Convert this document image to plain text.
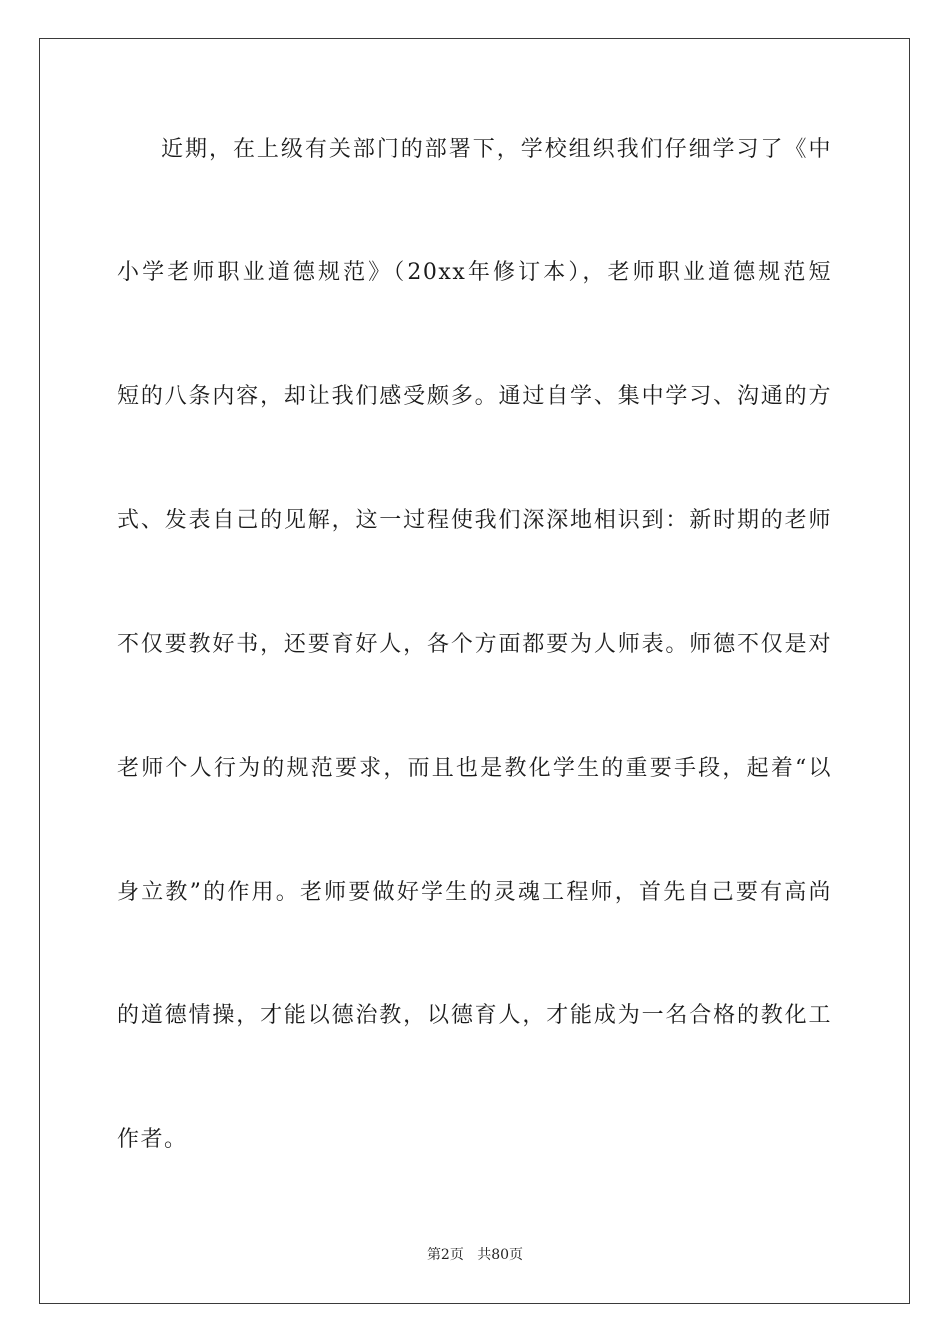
近期，在上级有关部门的部署下，学校组织我们仔细学习了《中
小学老师职业道德规范》（20xx年修订本），老师职业道德规范短
短的八条内容，却让我们感受颇多。通过自学、集中学习、沟通的方
式、发表自己的见解，这一过程使我们深深地相识到：新时期的老师
不仅要教好书，还要育好人，各个方面都要为人师表。师德不仅是对
老师个人行为的规范要求，而且也是教化学生的重要手段，起着“以
身立教”的作用。老师要做好学生的灵魂工程师，首先自己要有高尚
的道德情操，才能以德治教，以德育人，才能成为一名合格的教化工
作者。
第2页 共80页
